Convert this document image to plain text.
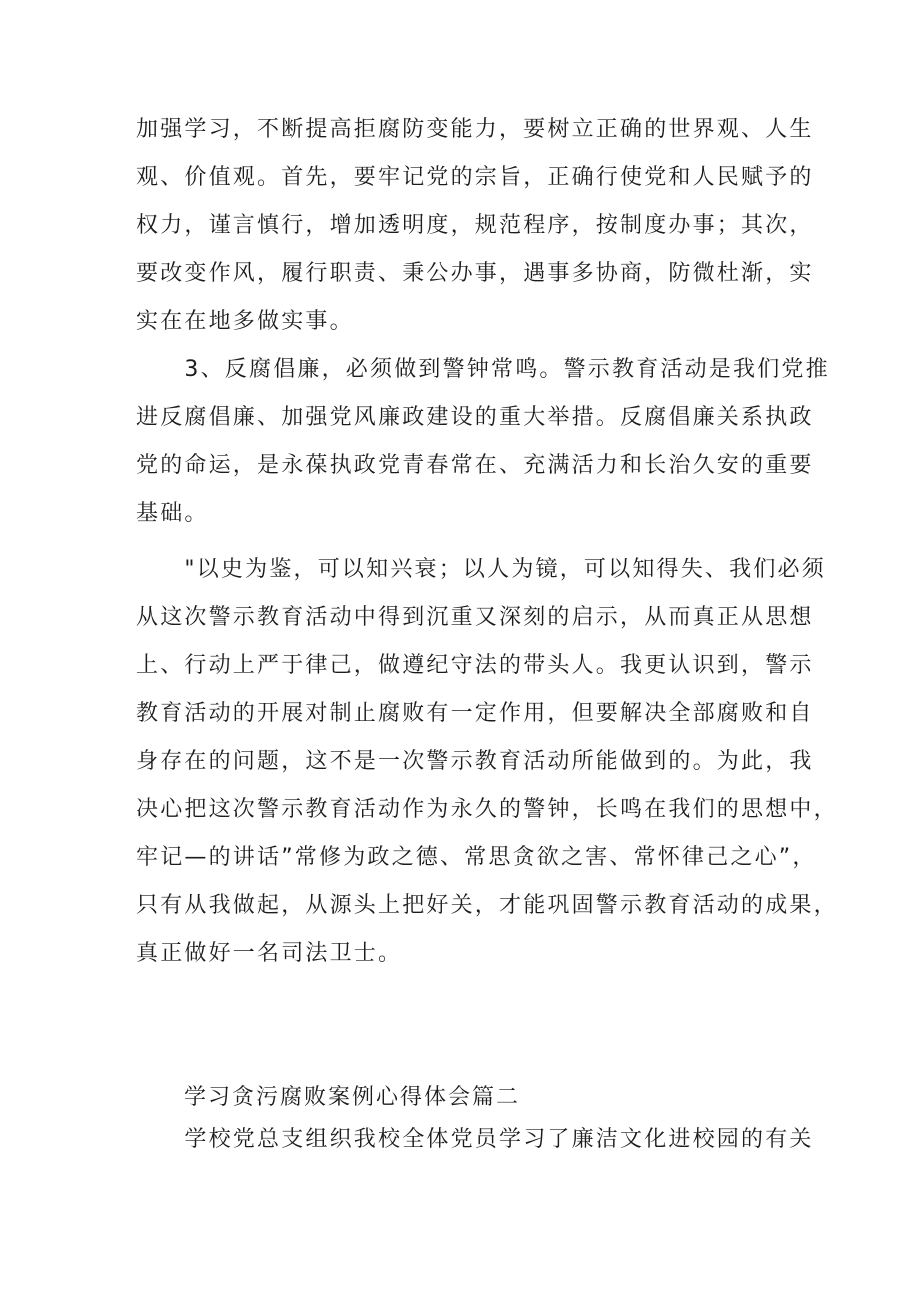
加强学习，不断提高拒腐防变能力，要树立正确的世界观、人生
观、价值观。首先，要牢记党的宗旨，正确行使党和人民赋予的
权力，谨言慎行，增加透明度，规范程序，按制度办事；其次，
要改变作风，履行职责、秉公办事，遇事多协商，防微杜渐，实
实在在地多做实事。

　　3、反腐倡廉，必须做到警钟常鸣。警示教育活动是我们党推
进反腐倡廉、加强党风廉政建设的重大举措。反腐倡廉关系执政
党的命运，是永葆执政党青春常在、充满活力和长治久安的重要
基础。

　　"以史为鉴，可以知兴衰；以人为镜，可以知得失、我们必须
从这次警示教育活动中得到沉重又深刻的启示，从而真正从思想
上、行动上严于律己，做遵纪守法的带头人。我更认识到，警示
教育活动的开展对制止腐败有一定作用，但要解决全部腐败和自
身存在的问题，这不是一次警示教育活动所能做到的。为此，我
决心把这次警示教育活动作为永久的警钟，长鸣在我们的思想中，
牢记—的讲话”常修为政之德、常思贪欲之害、常怀律己之心”，
只有从我做起，从源头上把好关，才能巩固警示教育活动的成果，
真正做好一名司法卫士。

学习贪污腐败案例心得体会篇二

　　学校党总支组织我校全体党员学习了廉洁文化进校园的有关
